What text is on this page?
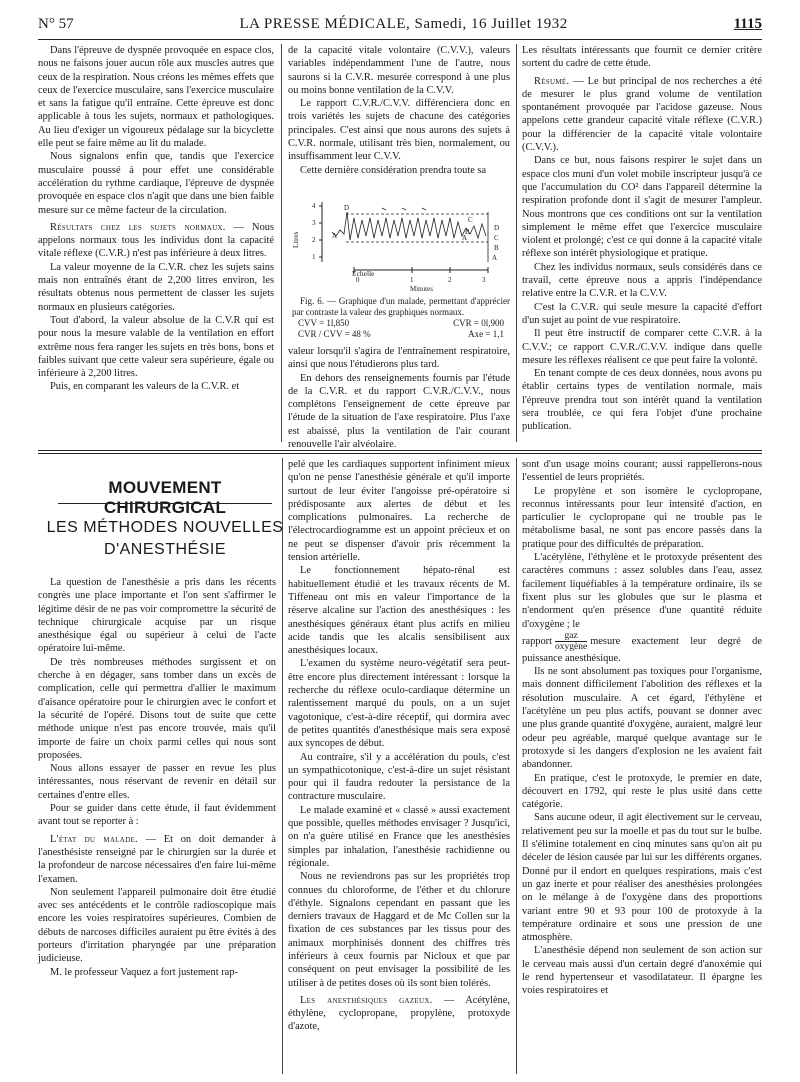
N° 57	LA PRESSE MÉDICALE, Samedi, 16 Juillet 1932	1115

Dans l'épreuve de dyspnée provoquée en espace clos, nous ne faisons jouer aucun rôle aux muscles autres que ceux de la respiration. Nous créons les mêmes effets que ceux de l'exercice musculaire, sans l'exercice musculaire et sans la fatigue qu'il entraîne. Cette épreuve est donc applicable à tous les sujets, normaux et pathologiques. Au lieu d'exiger un vigoureux pédalage sur la bicyclette elle peut se faire même au lit du malade.

Nous signalons enfin que, tandis que l'exercice musculaire poussé à pour effet une considérable accélération du rythme cardiaque, l'épreuve de dyspnée provoquée en espace clos n'agit que dans une bien faible mesure sur ce même facteur de la circulation.

Résultats chez les sujets normaux. — Nous appelons normaux tous les individus dont la capacité vitale réflexe (C.V.R.) n'est pas inférieure à deux litres.

La valeur moyenne de la C.V.R. chez les sujets sains mais non entraînés étant de 2,200 litres environ, les résultats obtenus nous permettent de classer les sujets normaux en plusieurs catégories.

Tout d'abord, la valeur absolue de la C.V.R qui est pour nous la mesure valable de la ventilation en effort extrême nous fera ranger les sujets en très bons, bons et faibles suivant que cette valeur sera supérieure, égale ou inférieure à 2,200 litres.

Puis, en comparant les valeurs de la C.V.R. et

de la capacité vitale volontaire (C.V.V.), valeurs variables indépendamment l'une de l'autre, nous saurons si la C.V.R. mesurée correspond à une plus ou moins bonne ventilation de la C.V.V.

Le rapport C.V.R./C.V.V. différenciera donc en trois variétés les sujets de chacune des catégories principales. C'est ainsi que nous aurons des sujets à C.V.R. normale, utilisant très bien, normalement, ou insuffisamment leur C.V.V.

Cette dernière considération prendra toute sa

Litres
4
3
2
1
Echelle
0	1	2	3
Minutes
D
C
A	B
A
D
C
B
A
Fig. 6. — Graphique d'un malade, permettant d'apprécier par contraste la valeur des graphiques normaux.
CVV = 1l,850	CVR = 0l,900
CVR / CVV = 48 %	Axe = 1,1

valeur lorsqu'il s'agira de l'entraînement respiratoire, ainsi que nous l'étudierons plus tard.

En dehors des renseignements fournis par l'étude de la C.V.R. et du rapport C.V.R./C.V.V., nous complétons l'enseignement de cette épreuve par l'étude de la situation de l'axe respiratoire. Plus l'axe est abaissé, plus la ventilation de l'air courant renouvelle l'air alvéolaire.

Les résultats intéressants que fournit ce dernier critère sortent du cadre de cette étude.

Résumé. — Le but principal de nos recherches a été de mesurer le plus grand volume de ventilation spontanément provoquée par l'acidose gazeuse. Nous appelons cette grandeur capacité vitale réflexe (C.V.R.) pour la différencier de la capacité vitale volontaire (C.V.V.).

Dans ce but, nous faisons respirer le sujet dans un espace clos muni d'un volet mobile inscripteur jusqu'à ce que l'accumulation du CO² dans l'appareil détermine la respiration profonde dont il s'agit de mesurer l'ampleur. Nous montrons que ces conditions ont sur la ventilation simplement le même effet que l'exercice musculaire violent et prolongé; c'est ce qui donne à la capacité vitale réflexe son intérêt physiologique et pratique.

Chez les individus normaux, seuls considérés dans ce travail, cette épreuve nous a appris l'indépendance relative entre la C.V.R. et la C.V.V.

C'est la C.V.R. qui seule mesure la capacité d'effort d'un sujet au point de vue respiratoire.

Il peut être instructif de comparer cette C.V.R. à la C.V.V.; ce rapport C.V.R./C.V.V. indique dans quelle mesure les réflexes réalisent ce que peut faire la volonté.

En tenant compte de ces deux données, nous avons pu établir certains types de ventilation normale, mais l'épreuve prendra tout son intérêt quand la ventilation sera troublée, ce qui fera l'objet d'une prochaine publication.

MOUVEMENT CHIRURGICAL
LES MÉTHODES NOUVELLES
D'ANESTHÉSIE

La question de l'anesthésie a pris dans les récents congrès une place importante et l'on sent s'affirmer le légitime désir de ne pas voir compromettre la sécurité de technique chirurgicale acquise par un risque anesthésique égal ou supérieur à celui de l'acte opératoire lui-même.

De très nombreuses méthodes surgissent et on cherche à en dégager, sans tomber dans un excès de complication, celle qui permettra d'allier le maximum d'aisance opératoire pour le chirurgien avec le confort et la sécurité de l'opéré. Disons tout de suite que cette méthode unique n'est pas encore trouvée, mais qu'il importe de faire un choix parmi celles qui nous sont proposées.

Nous allons essayer de passer en revue les plus intéressantes, nous réservant de revenir en détail sur certaines d'entre elles.

Pour se guider dans cette étude, il faut évidemment avant tout se reporter à :

L'état du malade. — Et on doit demander à l'anesthésiste renseigné par le chirurgien sur la durée et la profondeur de narcose nécessaires d'en faire lui-même l'examen.

Non seulement l'appareil pulmonaire doit être étudié avec ses antécédents et le contrôle radioscopique mais encore les voies respiratoires supérieures. Combien de débuts de narcoses difficiles auraient pu être évités à des porteurs d'irritation pharyngée par une préparation judicieuse.

M. le professeur Vaquez a fort justement rap-

pelé que les cardiaques supportent infiniment mieux qu'on ne pense l'anesthésie générale et qu'il importe surtout de leur éviter l'angoisse pré-opératoire si prédisposante aux alertes de début et les complications pulmonaires. La recherche de l'électrocardiogramme est un appoint précieux et on ne peut se dispenser d'avoir pris récemment la tension artérielle.

Le fonctionnement hépato-rénal est habituellement étudié et les travaux récents de M. Tiffeneau ont mis en valeur l'importance de la réserve alcaline sur l'action des anesthésiques : les anesthésiques généraux étant plus actifs en milieu acide tandis que les alcalis sensibilisent aux anesthésiques locaux.

L'examen du système neuro-végétatif sera peut-être encore plus directement intéressant : lorsque la recherche du réflexe oculo-cardiaque détermine un ralentissement marqué du pouls, on a un sujet vagotonique, c'est-à-dire réceptif, qui dormira avec de petites quantités d'anesthésique mais sera exposé aux syncopes de début.

Au contraire, s'il y a accélération du pouls, c'est un sympathicotonique, c'est-à-dire un sujet résistant pour qui il faudra redouter la persistance de la contracture musculaire.

Le malade examiné et « classé » aussi exactement que possible, quelles méthodes envisager ? Jusqu'ici, on n'a guère utilisé en France que les anesthésies simples par inhalation, l'anesthésie rachidienne ou régionale.

Nous ne reviendrons pas sur les propriétés trop connues du chloroforme, de l'éther et du chlorure d'éthyle. Signalons cependant en passant que les derniers travaux de Haggard et de Mc Collen sur la fixation de ces substances par les tissus pour des animaux morphinisés donnent des chiffres très inférieurs à ceux fournis par Nicloux et que par conséquent on peut envisager la possibilité de les utiliser à de petites doses où ils sont bien tolérés.

Les anesthésiques gazeux. — Acétylène, éthylène, cyclopropane, propylène, protoxyde d'azote,

sont d'un usage moins courant; aussi rappellerons-nous l'essentiel de leurs propriétés.

Le propylène et son isomère le cyclopropane, reconnus intéressants pour leur intensité d'action, en particulier le cyclopropane qui ne trouble pas le métabolisme basal, ne sont pas encore passés dans la pratique pour des difficultés de préparation.

L'acétylène, l'éthylène et le protoxyde présentent des caractères communs : assez solubles dans l'eau, assez facilement liquéfiables à la température ordinaire, ils se fixent plus sur les globules que sur le plasma et n'endorment qu'en présence d'une quantité réduite d'oxygène ; le

rapport $\frac{\text{gaz}}{\text{oxygène}}$ mesure exactement leur degré de puissance anesthésique.

Ils ne sont absolument pas toxiques pour l'organisme, mais donnent difficilement l'abolition des réflexes et la résolution musculaire. A cet égard, l'éthylène et l'acétylène un peu plus actifs, pouvant se donner avec une plus grande quantité d'oxygène, auraient, malgré leur odeur peu agréable, marqué quelque avantage sur le protoxyde si les dangers d'explosion ne les avaient fait abandonner.

En pratique, c'est le protoxyde, le premier en date, découvert en 1792, qui reste le plus usité dans cette catégorie.

Sans aucune odeur, il agit électivement sur le cerveau, relativement peu sur la moelle et pas du tout sur le bulbe. Il s'élimine totalement en cinq minutes sans qu'on ait pu déceler de lésion causée par lui sur les différents organes. Donné pur il endort en quelques respirations, mais c'est un gaz inerte et pour réaliser des anesthésies prolongées on le mélange à de l'oxygène dans des proportions variant entre 90 et 93 pour 100 de protoxyde à la température ordinaire et sous une pression de une atmosphère.

L'anesthésie dépend non seulement de son action sur le cerveau mais aussi d'un certain degré d'anoxémie qui le rend hypertenseur et vasodilatateur. Il épargne les voies respiratoires et
